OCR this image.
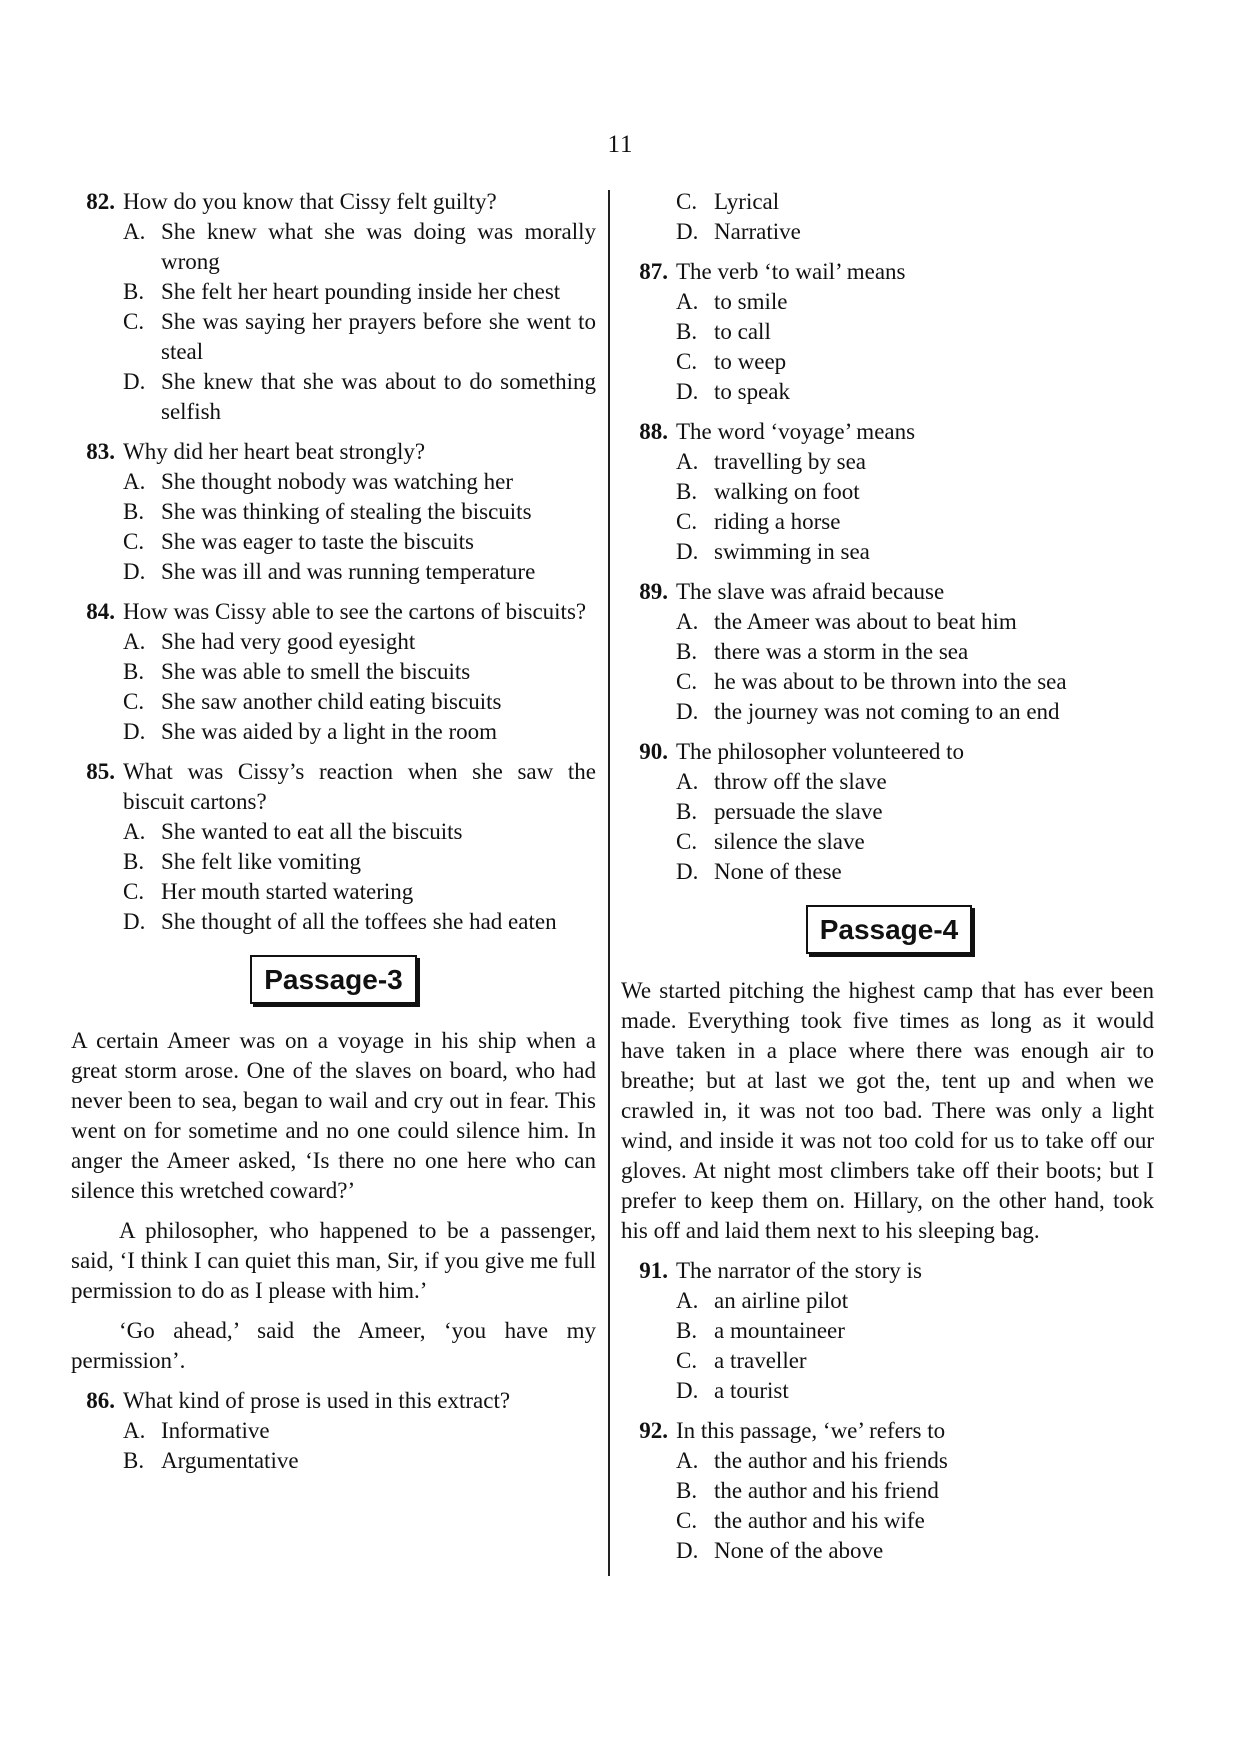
11
82. How do you know that Cissy felt guilty?
A. She knew what she was doing was morally wrong
B. She felt her heart pounding inside her chest
C. She was saying her prayers before she went to steal
D. She knew that she was about to do something selfish
83. Why did her heart beat strongly?
A. She thought nobody was watching her
B. She was thinking of stealing the biscuits
C. She was eager to taste the biscuits
D. She was ill and was running temperature
84. How was Cissy able to see the cartons of biscuits?
A. She had very good eyesight
B. She was able to smell the biscuits
C. She saw another child eating biscuits
D. She was aided by a light in the room
85. What was Cissy’s reaction when she saw the biscuit cartons?
A. She wanted to eat all the biscuits
B. She felt like vomiting
C. Her mouth started watering
D. She thought of all the toffees she had eaten
Passage-3

A certain Ameer was on a voyage in his ship when a great storm arose. One of the slaves on board, who had never been to sea, began to wail and cry out in fear. This went on for sometime and no one could silence him. In anger the Ameer asked, ‘Is there no one here who can silence this wretched coward?’

A philosopher, who happened to be a passenger, said, ‘I think I can quiet this man, Sir, if you give me full permission to do as I please with him.’

‘Go ahead,’ said the Ameer, ‘you have my permission’.

86. What kind of prose is used in this extract?
A. Informative
B. Argumentative
C. Lyrical
D. Narrative
87. The verb ‘to wail’ means
A. to smile
B. to call
C. to weep
D. to speak
88. The word ‘voyage’ means
A. travelling by sea
B. walking on foot
C. riding a horse
D. swimming in sea
89. The slave was afraid because
A. the Ameer was about to beat him
B. there was a storm in the sea
C. he was about to be thrown into the sea
D. the journey was not coming to an end
90. The philosopher volunteered to
A. throw off the slave
B. persuade the slave
C. silence the slave
D. None of these
Passage-4

We started pitching the highest camp that has ever been made. Everything took five times as long as it would have taken in a place where there was enough air to breathe; but at last we got the, tent up and when we crawled in, it was not too bad. There was only a light wind, and inside it was not too cold for us to take off our gloves. At night most climbers take off their boots; but I prefer to keep them on. Hillary, on the other hand, took his off and laid them next to his sleeping bag.

91. The narrator of the story is
A. an airline pilot
B. a mountaineer
C. a traveller
D. a tourist
92. In this passage, ‘we’ refers to
A. the author and his friends
B. the author and his friend
C. the author and his wife
D. None of the above
